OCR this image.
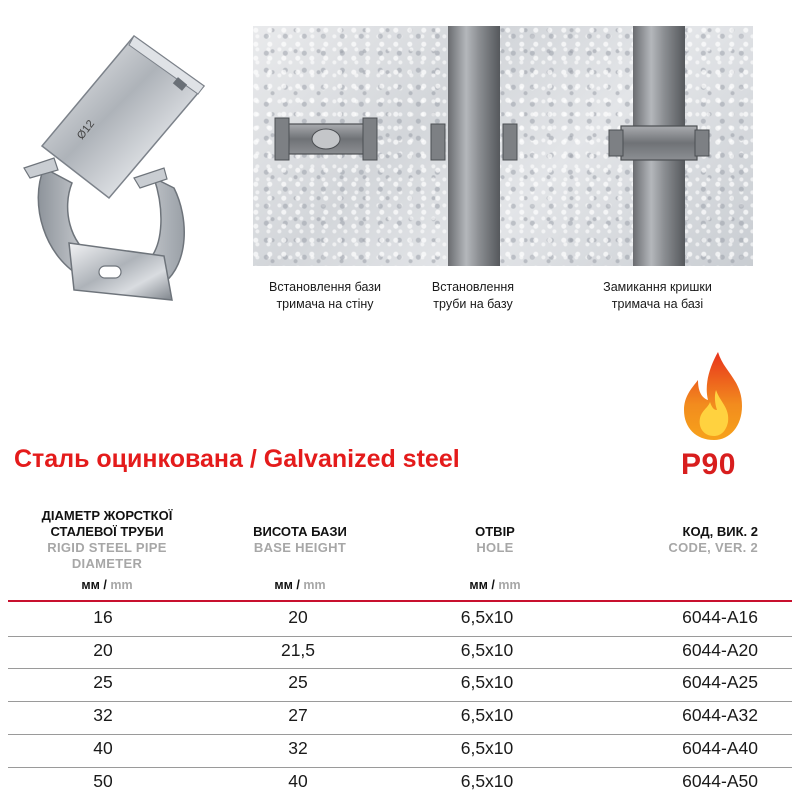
Ø12
Встановлення бази
тримача на стіну
Встановлення
труби на базу
Замикання кришки
тримача на базі
P90
Сталь оцинкована / Galvanized steel
ДІАМЕТР ЖОРСТКОЇ
СТАЛЕВОЇ ТРУБИ
RIGID STEEL PIPE
DIAMETER
мм / mm
ВИСОТА БАЗИ
BASE HEIGHT
мм / mm
ОТВІР
HOLE
мм / mm
КОД, ВИК. 2
CODE, VER. 2
16	20	6,5x10	6044-A16
20	21,5	6,5x10	6044-A20
25	25	6,5x10	6044-A25
32	27	6,5x10	6044-A32
40	32	6,5x10	6044-A40
50	40	6,5x10	6044-A50
